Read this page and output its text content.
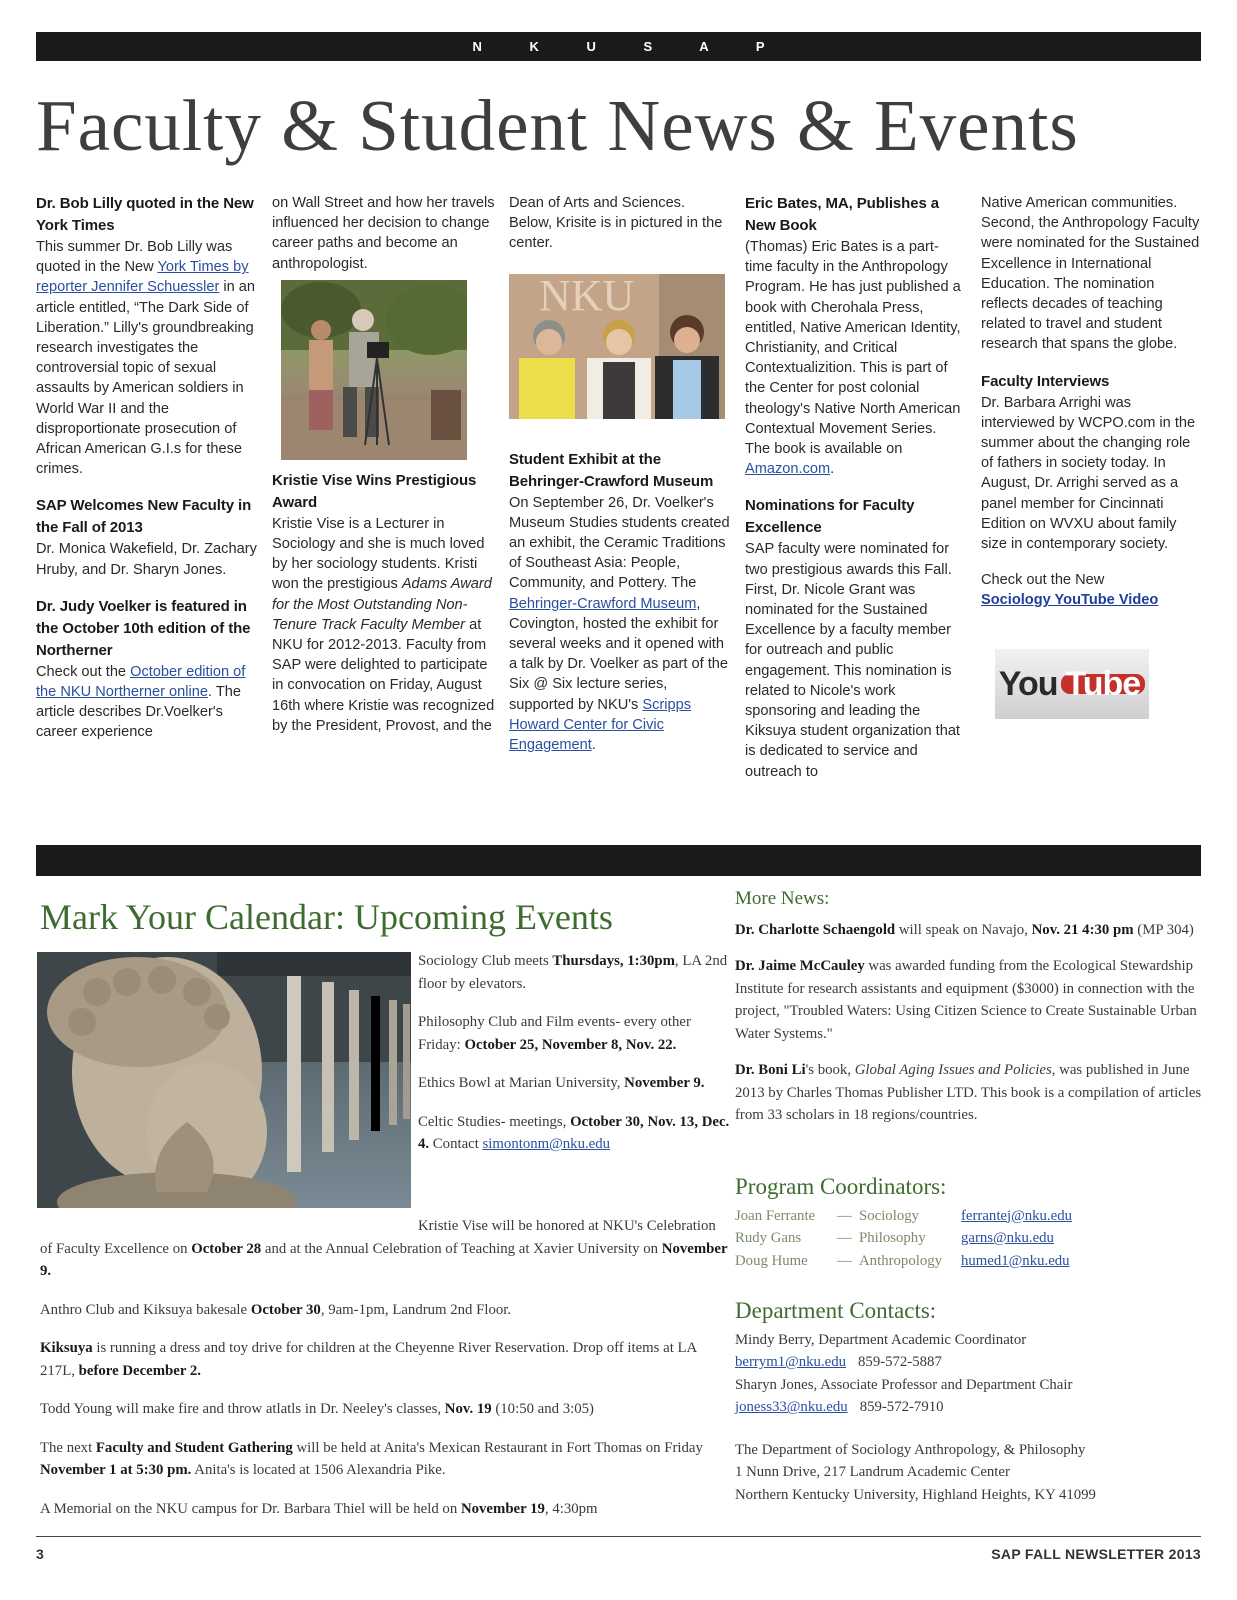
N K U S A P
Faculty & Student News & Events
Dr. Bob Lilly quoted in the New York Times

This summer Dr. Bob Lilly was quoted in the New York Times by reporter Jennifer Schuessler in an article entitled, “The Dark Side of Liberation.” Lilly's groundbreaking research investigates the controversial topic of sexual assaults by American soldiers in World War II and the disproportionate prosecution of African American G.I.s for these crimes.

SAP Welcomes New Faculty in the Fall of 2013

Dr. Monica Wakefield, Dr. Zachary Hruby, and Dr. Sharyn Jones.

Dr. Judy Voelker is featured in the October 10th edition of the Northerner

Check out the October edition of the NKU Northerner online. The article describes Dr.Voelker's career experience

on Wall Street and how her travels influenced her decision to change career paths and become an anthropologist.

Kristie Vise Wins Prestigious Award

Kristie Vise is a Lecturer in Sociology and she is much loved by her sociology students. Kristi won the prestigious Adams Award for the Most Outstanding Non-Tenure Track Faculty Member at NKU for 2012-2013. Faculty from SAP were delighted to participate in convocation on Friday, August 16th where Kristie was recognized by the President, Provost, and the

Dean of Arts and Sciences. Below, Krisite is in pictured in the center.

NKU
Student Exhibit at the Behringer-Crawford Museum

On September 26, Dr. Voelker's Museum Studies students created an exhibit, the Ceramic Traditions of Southeast Asia: People, Community, and Pottery. The Behringer-Crawford Museum, Covington, hosted the exhibit for several weeks and it opened with a talk by Dr. Voelker as part of the Six @ Six lecture series, supported by NKU's Scripps Howard Center for Civic Engagement.

Eric Bates, MA, Publishes a New Book

(Thomas) Eric Bates is a part-time faculty in the Anthropology Program. He has just published a book with Cherohala Press, entitled, Native American Identity, Christianity, and Critical Contextualizition. This is part of the Center for post colonial theology's Native North American Contextual Movement Series. The book is available on Amazon.com.

Nominations for Faculty Excellence

SAP faculty were nominated for two prestigious awards this Fall. First, Dr. Nicole Grant was nominated for the Sustained Excellence by a faculty member for outreach and public engagement. This nomination is related to Nicole's work sponsoring and leading the Kiksuya student organization that is dedicated to service and outreach to

Native American communities. Second, the Anthropology Faculty were nominated for the Sustained Excellence in International Education. The nomination reflects decades of teaching related to travel and student research that spans the globe.

Faculty Interviews

Dr. Barbara Arrighi was interviewed by WCPO.com in the summer about the changing role of fathers in society today. In August, Dr. Arrighi served as a panel member for Cincinnati Edition on WVXU about family size in contemporary society.

Check out the New

Sociology YouTube Video
You Tube
Mark Your Calendar: Upcoming Events

Sociology Club meets Thursdays, 1:30pm, LA 2nd floor by elevators.

Philosophy Club and Film events- every other Friday: October 25, November 8, Nov. 22.

Ethics Bowl at Marian University, November 9.

Celtic Studies- meetings, October 30, Nov. 13, Dec. 4. Contact simontonm@nku.edu

Kristie Vise will be honored at NKU's Celebration of Faculty Excellence on October 28 and at the Annual Celebration of Teaching at Xavier University on November 9.

Anthro Club and Kiksuya bakesale October 30, 9am-1pm, Landrum 2nd Floor.

Kiksuya is running a dress and toy drive for children at the Cheyenne River Reservation. Drop off items at LA 217L, before December 2.

Todd Young will make fire and throw atlatls in Dr. Neeley's classes, Nov. 19 (10:50 and 3:05)

The next Faculty and Student Gathering will be held at Anita's Mexican Restaurant in Fort Thomas on Friday November 1 at 5:30 pm. Anita's is located at 1506 Alexandria Pike.

A Memorial on the NKU campus for Dr. Barbara Thiel will be held on November 19, 4:30pm

More News:

Dr. Charlotte Schaengold will speak on Navajo, Nov. 21 4:30 pm (MP 304)

Dr. Jaime McCauley was awarded funding from the Ecological Stewardship Institute for research assistants and equipment ($3000) in connection with the project, "Troubled Waters: Using Citizen Science to Create Sustainable Urban Water Systems."

Dr. Boni Li's book, Global Aging Issues and Policies, was published in June 2013 by Charles Thomas Publisher LTD. This book is a compilation of articles from 33 scholars in 18 regions/countries.

Program Coordinators:
Joan Ferrante	— Sociology	ferrantej@nku.edu
Rudy Gans	— Philosophy	garns@nku.edu
Doug Hume	— Anthropology	humed1@nku.edu
Department Contacts:
Mindy Berry, Department Academic Coordinator
berrym1@nku.edu 859-572-5887
Sharyn Jones, Associate Professor and Department Chair
joness33@nku.edu 859-572-7910
The Department of Sociology Anthropology, & Philosophy
1 Nunn Drive, 217 Landrum Academic Center
Northern Kentucky University, Highland Heights, KY 41099
3	SAP FALL NEWSLETTER 2013
